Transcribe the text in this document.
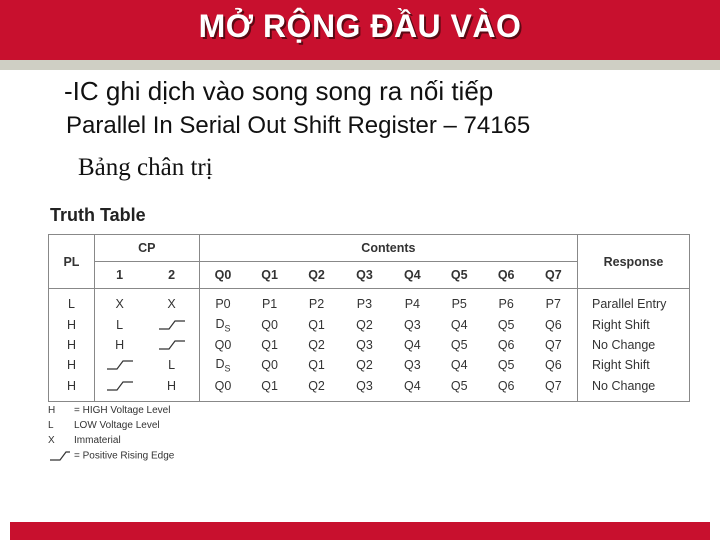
MỞ RỘNG ĐẦU VÀO
-IC ghi dịch vào song song ra nối tiếp
Parallel In Serial Out Shift Register – 74165
Bảng chân trị
Truth Table
PL	CP		Contents								Response
	1	2	Q0	Q1	Q2	Q3	Q4	Q5	Q6	Q7	
L	X	X	P0	P1	P2	P3	P4	P5	P6	P7	Parallel Entry
H	L		$D_S$	Q0	Q1	Q2	Q3	Q4	Q5	Q6	Right Shift
H	H		Q0	Q1	Q2	Q3	Q4	Q5	Q6	Q7	No Change
H		L	$D_S$	Q0	Q1	Q2	Q3	Q4	Q5	Q6	Right Shift
H		H	Q0	Q1	Q2	Q3	Q4	Q5	Q6	Q7	No Change
H = HIGH Voltage Level
L LOW Voltage Level
X Immaterial
= Positive Rising Edge
